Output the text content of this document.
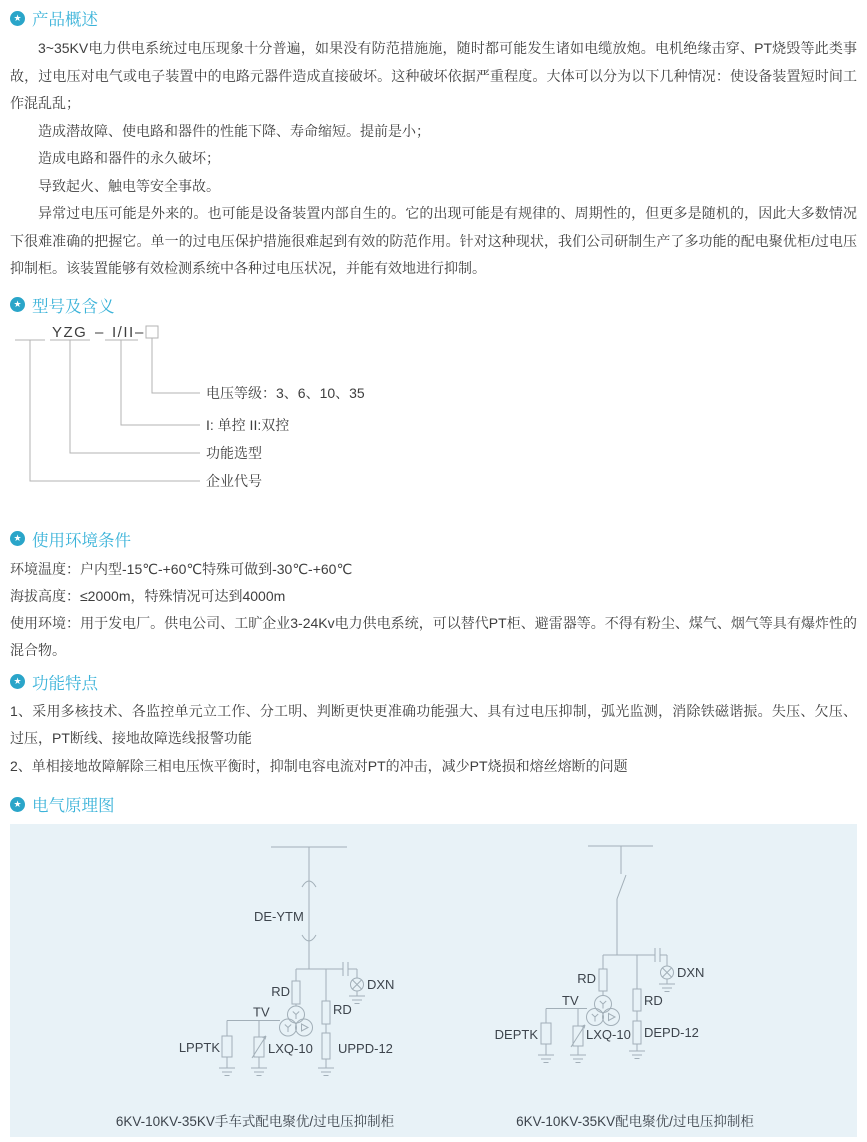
★ 产品概述

3~35KV电力供电系统过电压现象十分普遍，如果没有防范措施施，随时都可能发生诸如电缆放炮。电机绝缘击穿、PT烧毁等此类事故，过电压对电气或电子装置中的电路元器件造成直接破坏。这种破坏依据严重程度。大体可以分为以下几种情况：使设备装置短时间工作混乱乱；

造成潜故障、使电路和器件的性能下降、寿命缩短。提前是小；

造成电路和器件的永久破坏；

导致起火、触电等安全事故。

异常过电压可能是外来的。也可能是设备装置内部自生的。它的出现可能是有规律的、周期性的，但更多是随机的，因此大多数情况下很难准确的把握它。单一的过电压保护措施很难起到有效的防范作用。针对这种现状，我们公司研制生产了多功能的配电聚优柜/过电压抑制柜。该装置能够有效检测系统中各种过电压状况，并能有效地进行抑制。

★ 型号及含义
YZG – I/II –
电压等级：3、6、10、35
I: 单控 II:双控
功能选型
企业代号
★ 使用环境条件

环境温度：户内型-15℃-+60℃特殊可做到-30℃-+60℃

海拔高度：≤2000m，特殊情况可达到4000m

使用环境：用于发电厂。供电公司、工旷企业3-24Kv电力供电系统，可以替代PT柜、避雷器等。不得有粉尘、煤气、烟气等具有爆炸性的混合物。

★ 功能特点

1、采用多核技术、各监控单元立工作、分工明、判断更快更准确功能强大、具有过电压抑制，弧光监测，消除铁磁谐振。失压、欠压、过压，PT断线、接地故障选线报警功能

2、单相接地故障解除三相电压恢平衡时，抑制电容电流对PT的冲击，减少PT烧损和熔丝熔断的问题

★ 电气原理图
DE-YTM
RD
TV
LPPTK	LXQ-10
RD
UPPD-12
DXN
6KV-10KV-35KV手车式配电聚优/过电压抑制柜
RD
TV
DEPTK	LXQ-10
RD
DEPD-12
DXN
6KV-10KV-35KV配电聚优/过电压抑制柜
